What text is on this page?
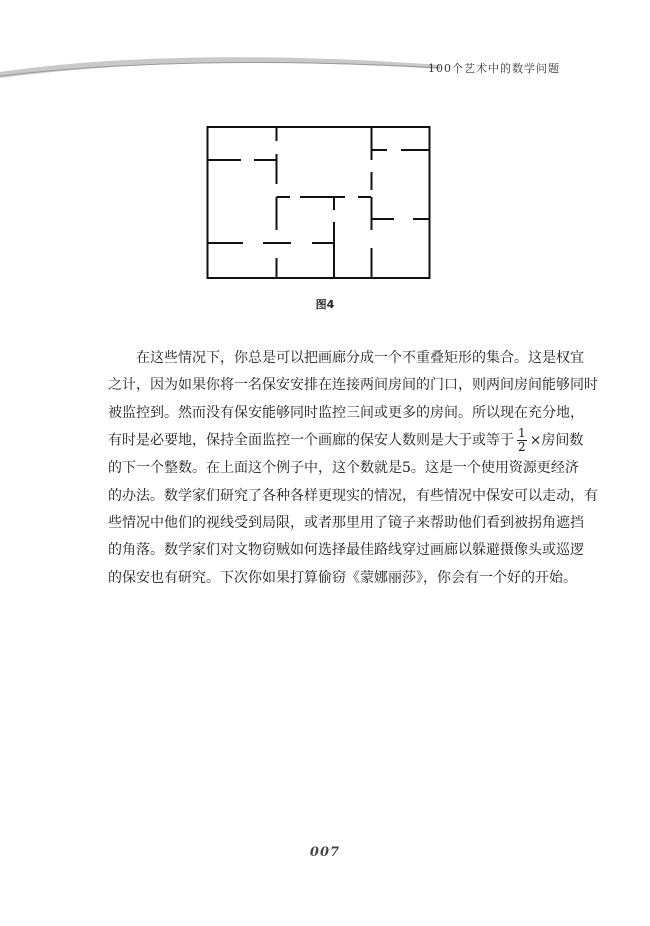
100个艺术中的数学问题
图4
在这些情况下，你总是可以把画廊分成一个不重叠矩形的集合。这是权宜
之计，因为如果你将一名保安安排在连接两间房间的门口，则两间房间能够同时
被监控到。然而没有保安能够同时监控三间或更多的房间。所以现在充分地，
有时是必要地，保持全面监控一个画廊的保安人数则是大于或等于 $\frac{1}{2}$ ×房间数
的下一个整数。在上面这个例子中，这个数就是5。这是一个使用资源更经济
的办法。数学家们研究了各种各样更现实的情况，有些情况中保安可以走动，有
些情况中他们的视线受到局限，或者那里用了镜子来帮助他们看到被拐角遮挡
的角落。数学家们对文物窃贼如何选择最佳路线穿过画廊以躲避摄像头或巡逻
的保安也有研究。下次你如果打算偷窃《蒙娜丽莎》，你会有一个好的开始。
007
